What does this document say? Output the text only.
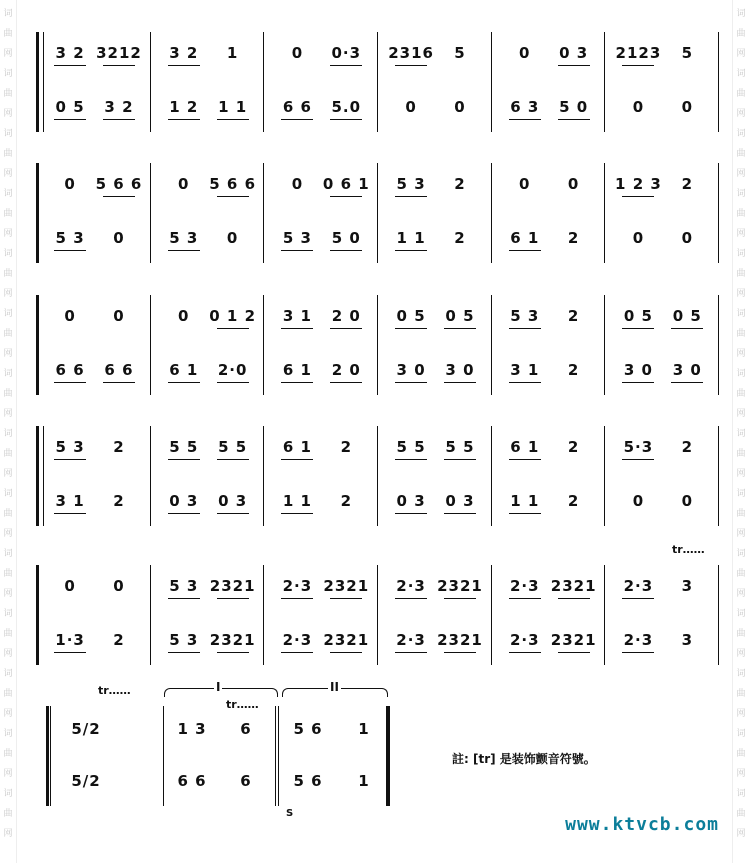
词
曲
网
词
曲
网
词
曲
网
词
曲
网
词
曲
网
词
曲
网
词
曲
网
词
曲
网
词
曲
网
词
曲
网
词
曲
网
词
曲
网
词
曲
网
词
曲
网
词
曲
网
词
曲
网
词
曲
网
词
曲
网
词
曲
网
词
曲
网
词
曲
网
词
曲
网
词
曲
网
词
曲
网
词
曲
网
词
曲
网
词
曲
网
词
曲
网
3 2 3212	3 2	1	0	0·3	2316	5	0	0 3	2123	5
0 5	3 2	1 2	1 1	6 6	5.0	0	0	6 3	5 0	0	0
0	5 6 6	0	5 6 6	0	0 6 1	5 3	2	0	0	1 2 3	2
5 3	0	5 3	0	5 3	5 0	1 1	2	6 1	2	0	0
0	0	0	0 1 2	3 1	2 0	0 5	0 5	5 3	2	0 5	0 5
6 6	6 6	6 1	2·0	6 1	2 0	3 0	3 0	3 1	2	3 0	3 0
5 3	2	5 5	5 5	6 1	2	5 5	5 5	6 1	2	5·3	2
3 1	2	0 3	0 3	1 1	2	0 3	0 3	1 1	2	0	0
0	0	5 3 2321	2·3 2321	2·3 2321	2·3 2321	2·3	3
1·3	2	5 3 2321	2·3 2321	2·3 2321	2·3 2321	2·3	3
tr……
5/2	1 3	6	5 6	1
5/2	6 6	6	5 6	1
tr……
tr……
I	II
註: [tr] 是装饰颤音符號。
www.ktvcb.com
S
